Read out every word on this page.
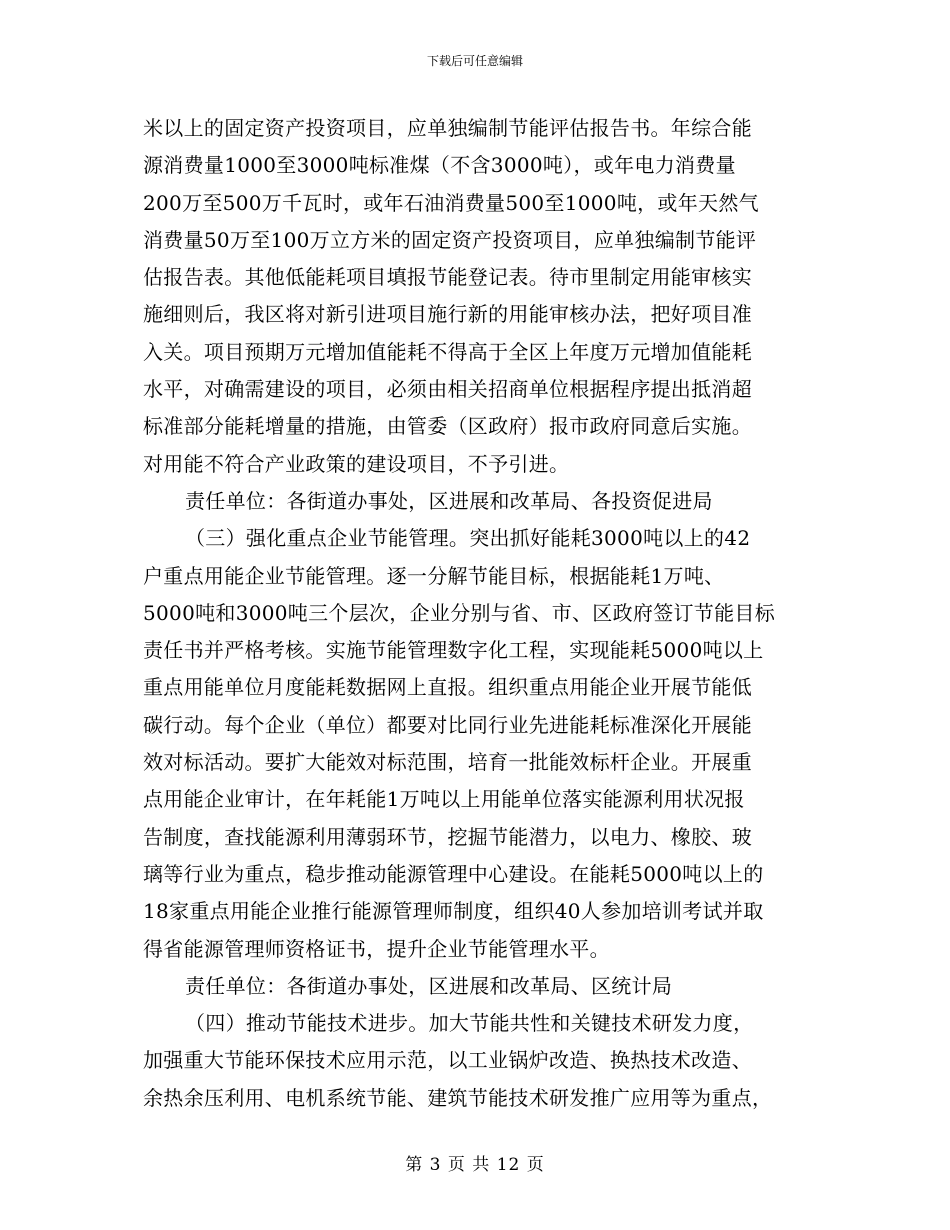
下载后可任意编辑
米以上的固定资产投资项目，应单独编制节能评估报告书。年综合能
源消费量1000至3000吨标准煤（不含3000吨），或年电力消费量
200万至500万千瓦时，或年石油消费量500至1000吨，或年天然气
消费量50万至100万立方米的固定资产投资项目，应单独编制节能评
估报告表。其他低能耗项目填报节能登记表。待市里制定用能审核实
施细则后，我区将对新引进项目施行新的用能审核办法，把好项目准
入关。项目预期万元增加值能耗不得高于全区上年度万元增加值能耗
水平，对确需建设的项目，必须由相关招商单位根据程序提出抵消超
标准部分能耗增量的措施，由管委（区政府）报市政府同意后实施。
对用能不符合产业政策的建设项目，不予引进。
责任单位：各街道办事处，区进展和改革局、各投资促进局
（三）强化重点企业节能管理。突出抓好能耗3000吨以上的42
户重点用能企业节能管理。逐一分解节能目标，根据能耗1万吨、
5000吨和3000吨三个层次，企业分别与省、市、区政府签订节能目标
责任书并严格考核。实施节能管理数字化工程，实现能耗5000吨以上
重点用能单位月度能耗数据网上直报。组织重点用能企业开展节能低
碳行动。每个企业（单位）都要对比同行业先进能耗标准深化开展能
效对标活动。要扩大能效对标范围，培育一批能效标杆企业。开展重
点用能企业审计，在年耗能1万吨以上用能单位落实能源利用状况报
告制度，查找能源利用薄弱环节，挖掘节能潜力，以电力、橡胶、玻
璃等行业为重点，稳步推动能源管理中心建设。在能耗5000吨以上的
18家重点用能企业推行能源管理师制度，组织40人参加培训考试并取
得省能源管理师资格证书，提升企业节能管理水平。
责任单位：各街道办事处，区进展和改革局、区统计局
（四）推动节能技术进步。加大节能共性和关键技术研发力度，
加强重大节能环保技术应用示范，以工业锅炉改造、换热技术改造、
余热余压利用、电机系统节能、建筑节能技术研发推广应用等为重点，
第 3 页 共 12 页
